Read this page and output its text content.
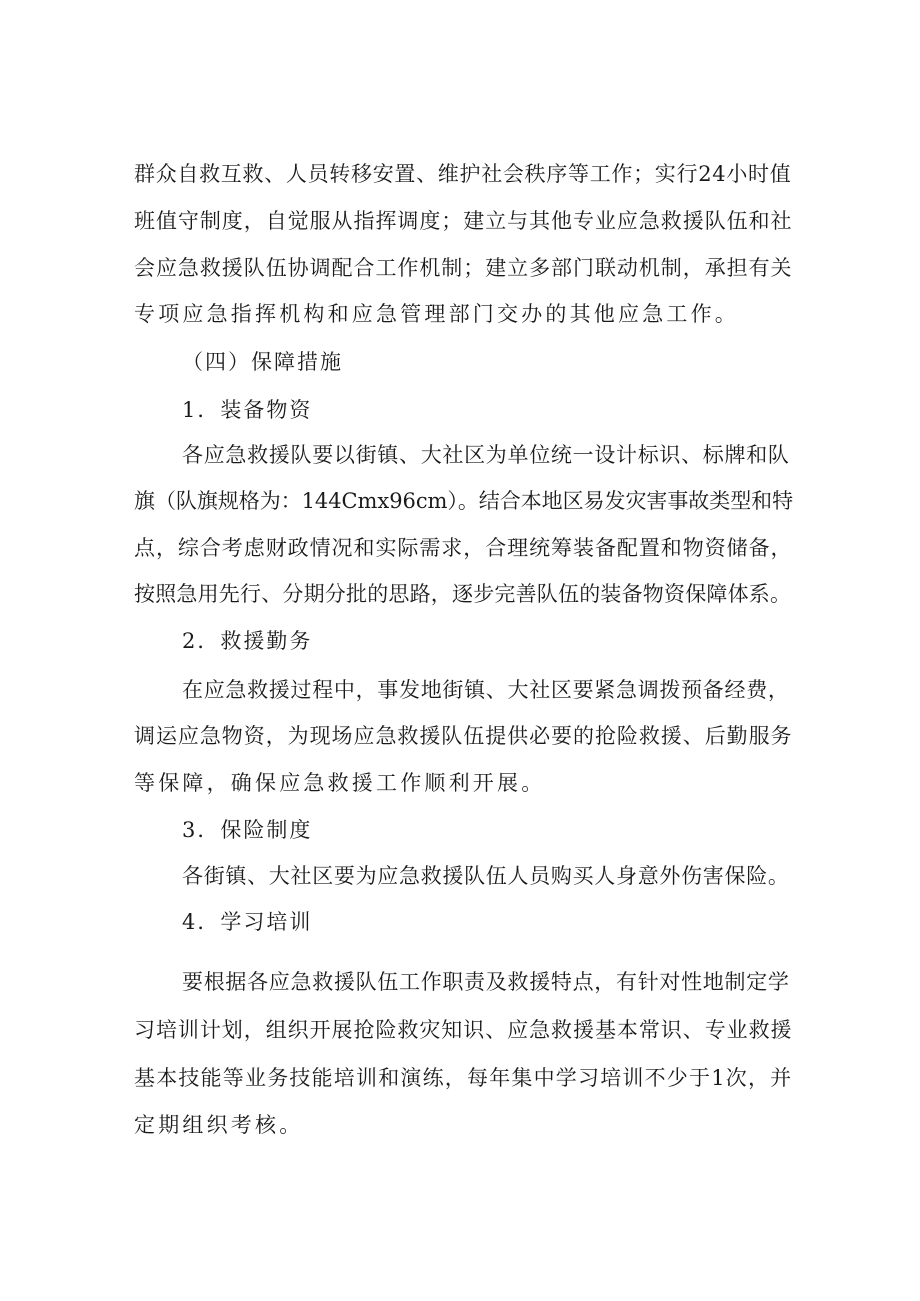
群众自救互救、人员转移安置、维护社会秩序等工作；实行24小时值
班值守制度，自觉服从指挥调度；建立与其他专业应急救援队伍和社
会应急救援队伍协调配合工作机制；建立多部门联动机制，承担有关
专项应急指挥机构和应急管理部门交办的其他应急工作。
（四）保障措施
1．装备物资
各应急救援队要以街镇、大社区为单位统一设计标识、标牌和队
旗（队旗规格为：144Cmx96cm）。结合本地区易发灾害事故类型和特
点，综合考虑财政情况和实际需求，合理统筹装备配置和物资储备，
按照急用先行、分期分批的思路，逐步完善队伍的装备物资保障体系。
2．救援勤务
在应急救援过程中，事发地街镇、大社区要紧急调拨预备经费，
调运应急物资，为现场应急救援队伍提供必要的抢险救援、后勤服务
等保障，确保应急救援工作顺利开展。
3．保险制度
各街镇、大社区要为应急救援队伍人员购买人身意外伤害保险。
4．学习培训
要根据各应急救援队伍工作职责及救援特点，有针对性地制定学
习培训计划，组织开展抢险救灾知识、应急救援基本常识、专业救援
基本技能等业务技能培训和演练，每年集中学习培训不少于1次，并
定期组织考核。
